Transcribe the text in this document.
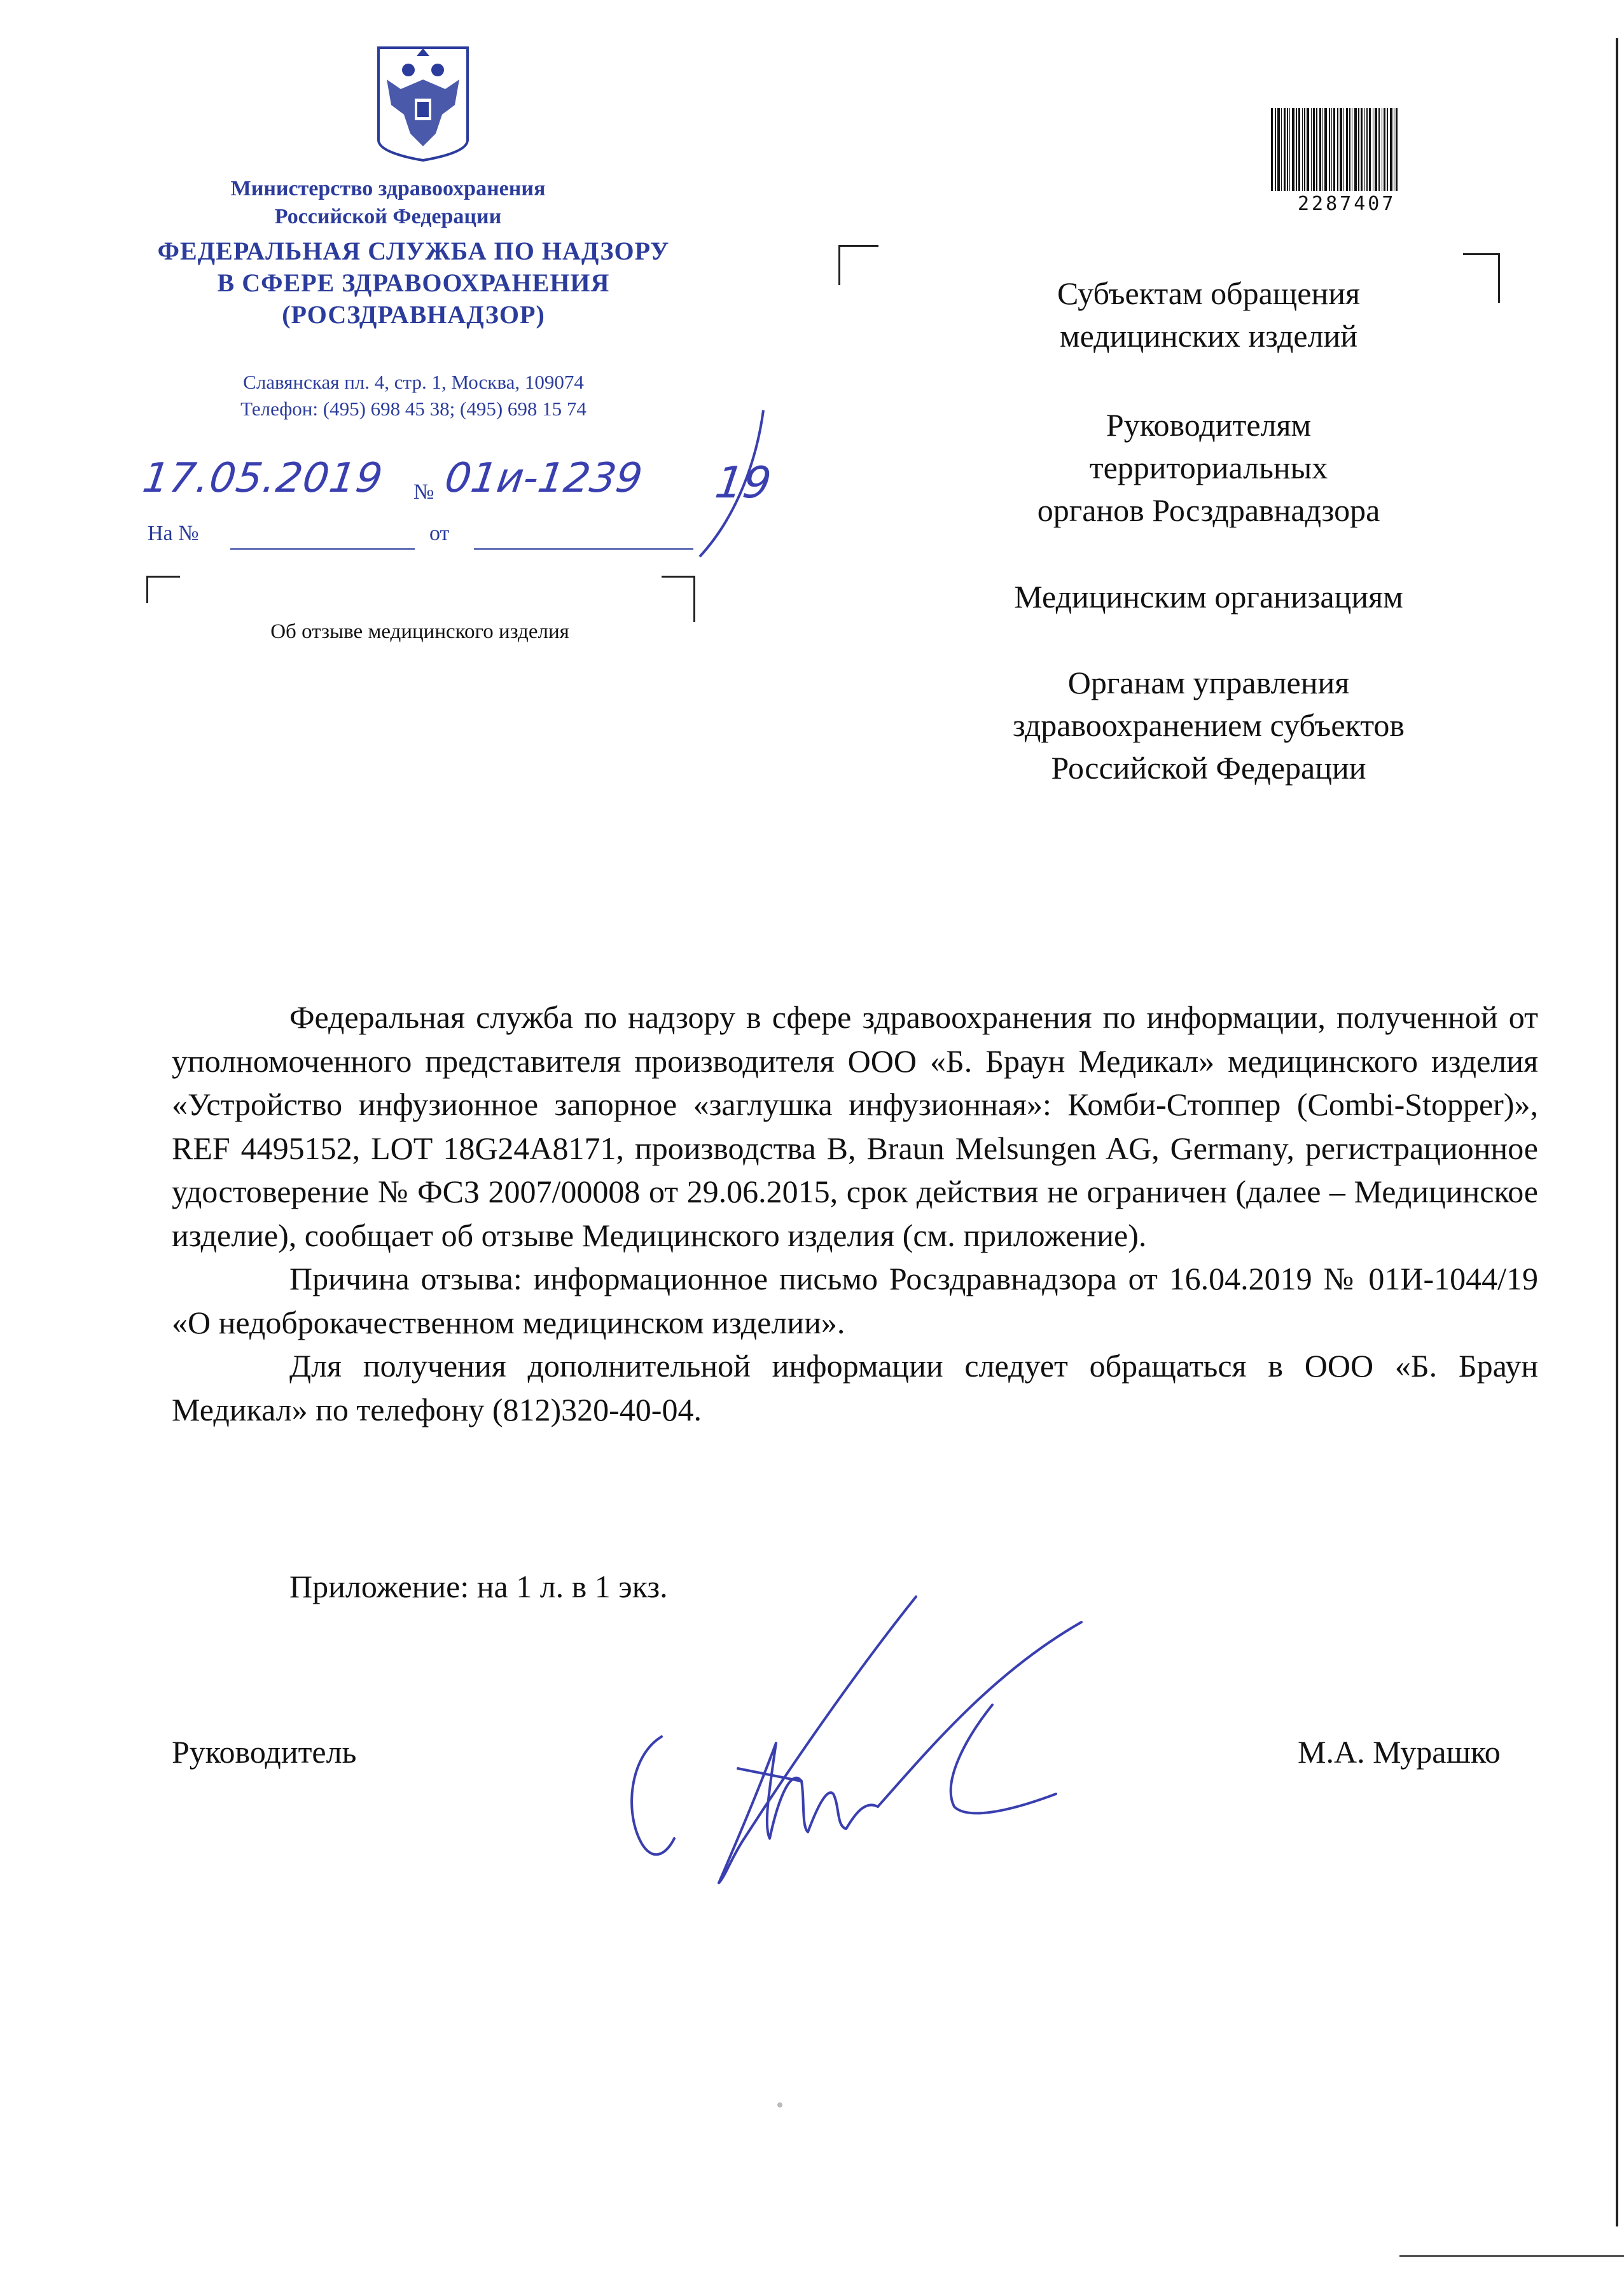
Министерство здравоохранения
Российской Федерации
ФЕДЕРАЛЬНАЯ СЛУЖБА ПО НАДЗОРУ
В СФЕРЕ ЗДРАВООХРАНЕНИЯ
(РОСЗДРАВНАДЗОР)
Славянская пл. 4, стр. 1, Москва, 109074
Телефон: (495) 698 45 38; (495) 698 15 74
17.05.2019 № 01и-1239 19
На №	от
Об отзыве медицинского изделия
2287407
Субъектам обращения
медицинских изделий
Руководителям
территориальных
органов Росздравнадзора
Медицинским организациям
Органам управления
здравоохранением субъектов
Российской Федерации

Федеральная служба по надзору в сфере здравоохранения по информации, полученной от уполномоченного представителя производителя ООО «Б. Браун Медикал» медицинского изделия «Устройство инфузионное запорное «заглушка инфузионная»: Комби-Стоппер (Combi-Stopper)», REF 4495152, LOT 18G24A8171, производства B, Braun Melsungen AG, Germany, регистрационное удостоверение № ФСЗ 2007/00008 от 29.06.2015, срок действия не ограничен (далее – Медицинское изделие), сообщает об отзыве Медицинского изделия (см. приложение).

Причина отзыва: информационное письмо Росздравнадзора от 16.04.2019 № 01И-1044/19 «О недоброкачественном медицинском изделии».

Для получения дополнительной информации следует обращаться в ООО «Б. Браун Медикал» по телефону (812)320-40-04.

Приложение: на 1 л. в 1 экз.
Руководитель	М.А. Мурашко
